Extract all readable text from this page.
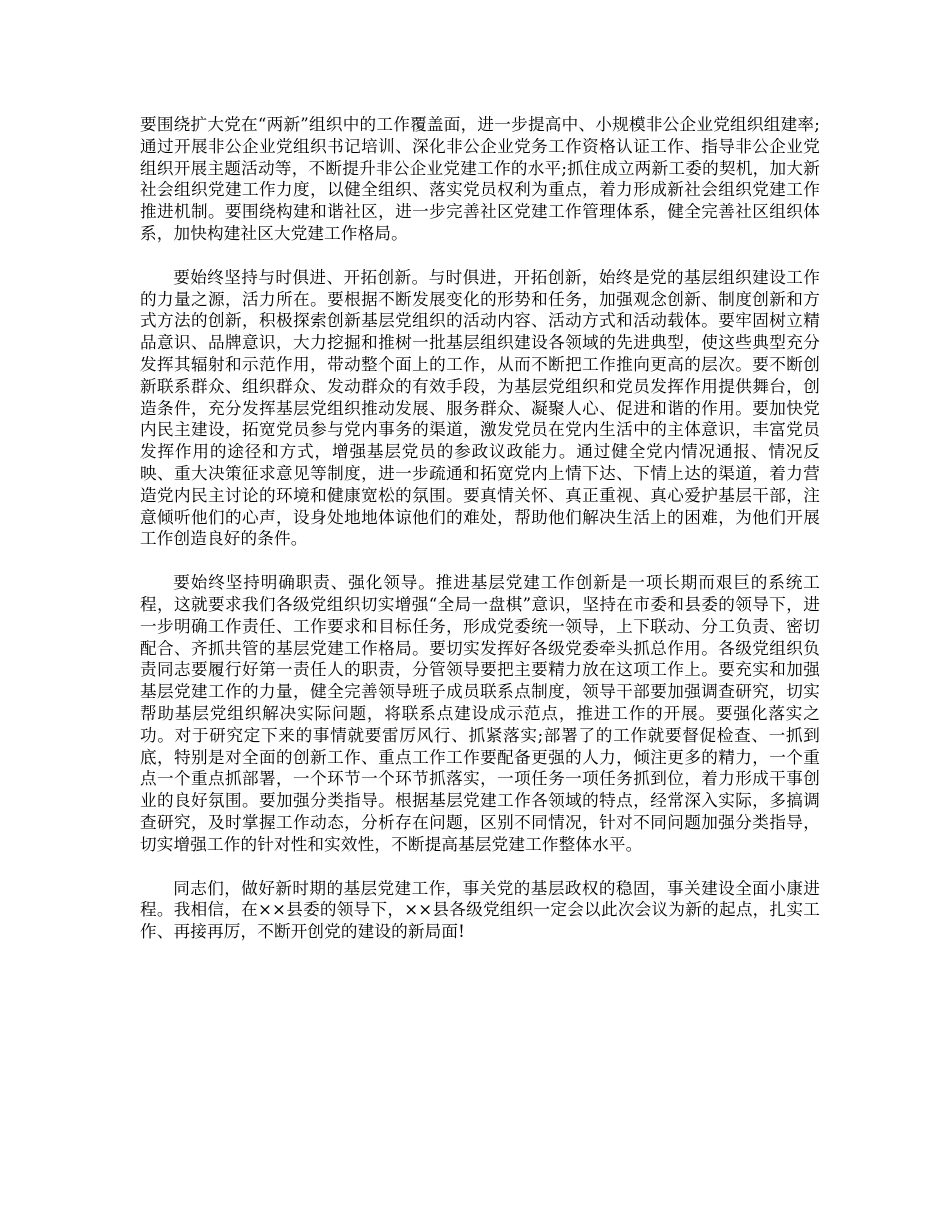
要围绕扩大党在“两新”组织中的工作覆盖面，进一步提高中、小规模非公企业党组织组建率;通过开展非公企业党组织书记培训、深化非公企业党务工作资格认证工作、指导非公企业党组织开展主题活动等，不断提升非公企业党建工作的水平;抓住成立两新工委的契机，加大新社会组织党建工作力度，以健全组织、落实党员权利为重点，着力形成新社会组织党建工作推进机制。要围绕构建和谐社区，进一步完善社区党建工作管理体系，健全完善社区组织体系，加快构建社区大党建工作格局。

要始终坚持与时俱进、开拓创新。与时俱进，开拓创新，始终是党的基层组织建设工作的力量之源，活力所在。要根据不断发展变化的形势和任务，加强观念创新、制度创新和方式方法的创新，积极探索创新基层党组织的活动内容、活动方式和活动载体。要牢固树立精品意识、品牌意识，大力挖掘和推树一批基层组织建设各领域的先进典型，使这些典型充分发挥其辐射和示范作用，带动整个面上的工作，从而不断把工作推向更高的层次。要不断创新联系群众、组织群众、发动群众的有效手段，为基层党组织和党员发挥作用提供舞台，创造条件，充分发挥基层党组织推动发展、服务群众、凝聚人心、促进和谐的作用。要加快党内民主建设，拓宽党员参与党内事务的渠道，激发党员在党内生活中的主体意识，丰富党员发挥作用的途径和方式，增强基层党员的参政议政能力。通过健全党内情况通报、情况反映、重大决策征求意见等制度，进一步疏通和拓宽党内上情下达、下情上达的渠道，着力营造党内民主讨论的环境和健康宽松的氛围。要真情关怀、真正重视、真心爱护基层干部，注意倾听他们的心声，设身处地地体谅他们的难处，帮助他们解决生活上的困难，为他们开展工作创造良好的条件。

要始终坚持明确职责、强化领导。推进基层党建工作创新是一项长期而艰巨的系统工程，这就要求我们各级党组织切实增强“全局一盘棋”意识，坚持在市委和县委的领导下，进一步明确工作责任、工作要求和目标任务，形成党委统一领导，上下联动、分工负责、密切配合、齐抓共管的基层党建工作格局。要切实发挥好各级党委牵头抓总作用。各级党组织负责同志要履行好第一责任人的职责，分管领导要把主要精力放在这项工作上。要充实和加强基层党建工作的力量，健全完善领导班子成员联系点制度，领导干部要加强调查研究，切实帮助基层党组织解决实际问题，将联系点建设成示范点，推进工作的开展。要强化落实之功。对于研究定下来的事情就要雷厉风行、抓紧落实;部署了的工作就要督促检查、一抓到底，特别是对全面的创新工作、重点工作工作要配备更强的人力，倾注更多的精力，一个重点一个重点抓部署，一个环节一个环节抓落实，一项任务一项任务抓到位，着力形成干事创业的良好氛围。要加强分类指导。根据基层党建工作各领域的特点，经常深入实际，多搞调查研究，及时掌握工作动态，分析存在问题，区别不同情况，针对不同问题加强分类指导，切实增强工作的针对性和实效性，不断提高基层党建工作整体水平。

同志们，做好新时期的基层党建工作，事关党的基层政权的稳固，事关建设全面小康进程。我相信，在××县委的领导下，××县各级党组织一定会以此次会议为新的起点，扎实工作、再接再厉，不断开创党的建设的新局面!
